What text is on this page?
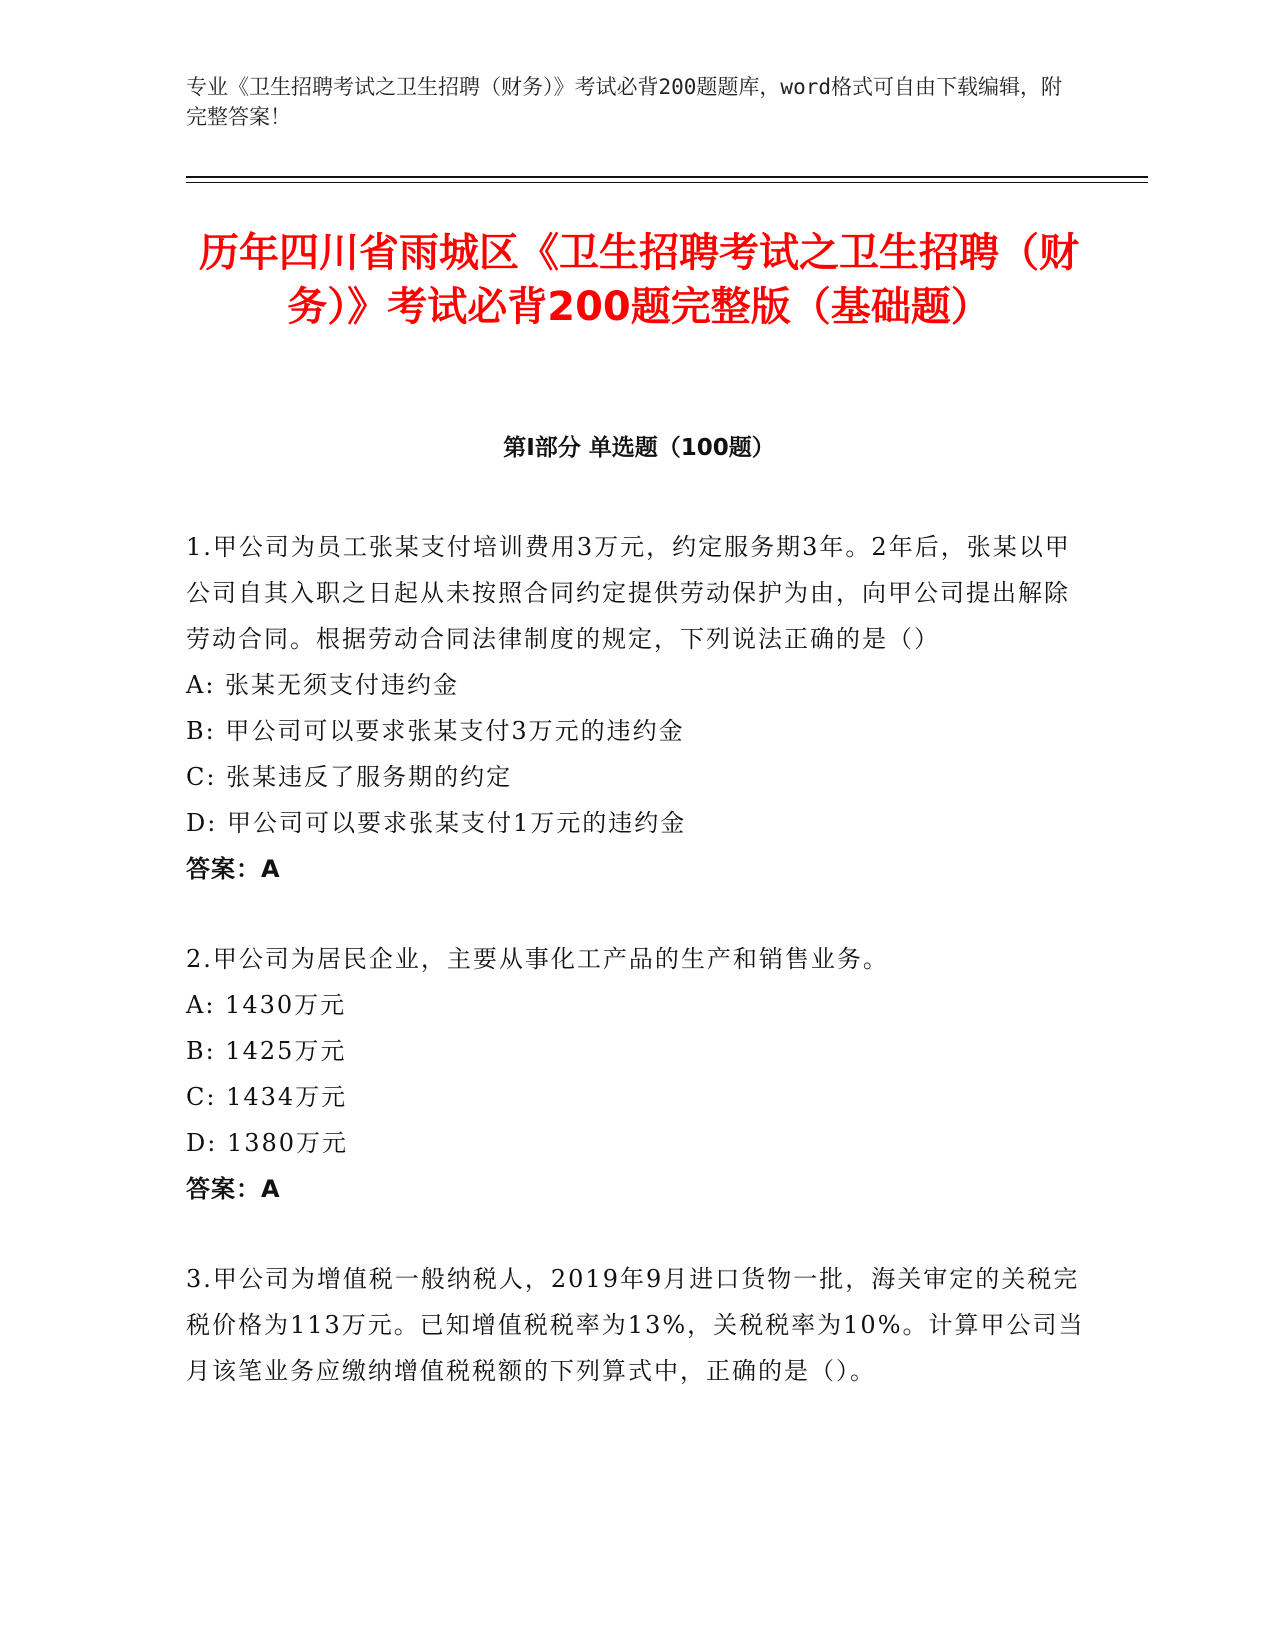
专业《卫生招聘考试之卫生招聘（财务）》考试必背200题题库，word格式可自由下载编辑，附完整答案！
历年四川省雨城区《卫生招聘考试之卫生招聘（财务）》考试必背200题完整版（基础题）
第I部分 单选题（100题）

1.甲公司为员工张某支付培训费用3万元，约定服务期3年。2年后，张某以甲公司自其入职之日起从未按照合同约定提供劳动保护为由，向甲公司提出解除劳动合同。根据劳动合同法律制度的规定，下列说法正确的是（）

A: 张某无须支付违约金

B: 甲公司可以要求张某支付3万元的违约金

C: 张某违反了服务期的约定

D: 甲公司可以要求张某支付1万元的违约金

答案：A

2.甲公司为居民企业，主要从事化工产品的生产和销售业务。

A: 1430万元

B: 1425万元

C: 1434万元

D: 1380万元

答案：A

3.甲公司为增值税一般纳税人，2019年9月进口货物一批，海关审定的关税完税价格为113万元。已知增值税税率为13%，关税税率为10%。计算甲公司当月该笔业务应缴纳增值税税额的下列算式中，正确的是（）。
